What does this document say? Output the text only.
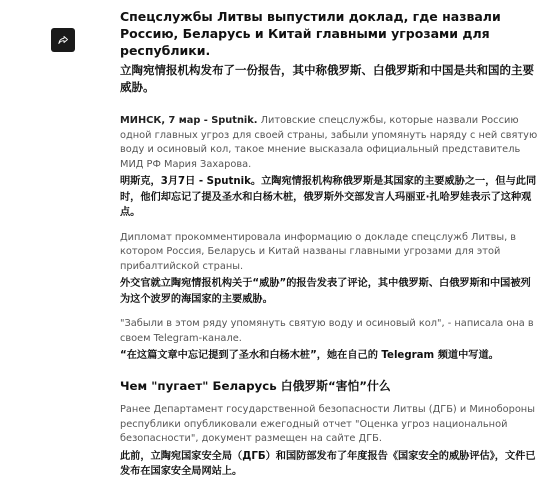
Спецслужбы Литвы выпустили доклад, где назвали Россию, Беларусь и Китай главными угрозами для республики.

立陶宛情报机构发布了一份报告，其中称俄罗斯、白俄罗斯和中国是共和国的主要威胁。

МИНСК, 7 мар - Sputnik. Литовские спецслужбы, которые назвали Россию одной главных угроз для своей страны, забыли упомянуть наряду с ней святую воду и осиновый кол, такое мнение высказала официальный представитель МИД РФ Мария Захарова.

明斯克，3月7日 - Sputnik。立陶宛情报机构称俄罗斯是其国家的主要威胁之一，但与此同时，他们却忘记了提及圣水和白杨木桩，俄罗斯外交部发言人玛丽亚·扎哈罗娃表示了这种观点。

Дипломат прокомментировала информацию о докладе спецслужб Литвы, в котором Россия, Беларусь и Китай названы главными угрозами для этой прибалтийской страны.

外交官就立陶宛情报机构关于“威胁”的报告发表了评论，其中俄罗斯、白俄罗斯和中国被列为这个波罗的海国家的主要威胁。

"Забыли в этом ряду упомянуть святую воду и осиновый кол", - написала она в своем Telegram-канале.

“在这篇文章中忘记提到了圣水和白杨木桩”，她在自己的 Telegram 频道中写道。

Чем "пугает" Беларусь 白俄罗斯“害怕”什么

Ранее Департамент государственной безопасности Литвы (ДГБ) и Минобороны республики опубликовали ежегодный отчет "Оценка угроз национальной безопасности", документ размещен на сайте ДГБ.

此前，立陶宛国家安全局（ДГБ）和国防部发布了年度报告《国家安全的威胁评估》，文件已发布在国家安全局网站上。
